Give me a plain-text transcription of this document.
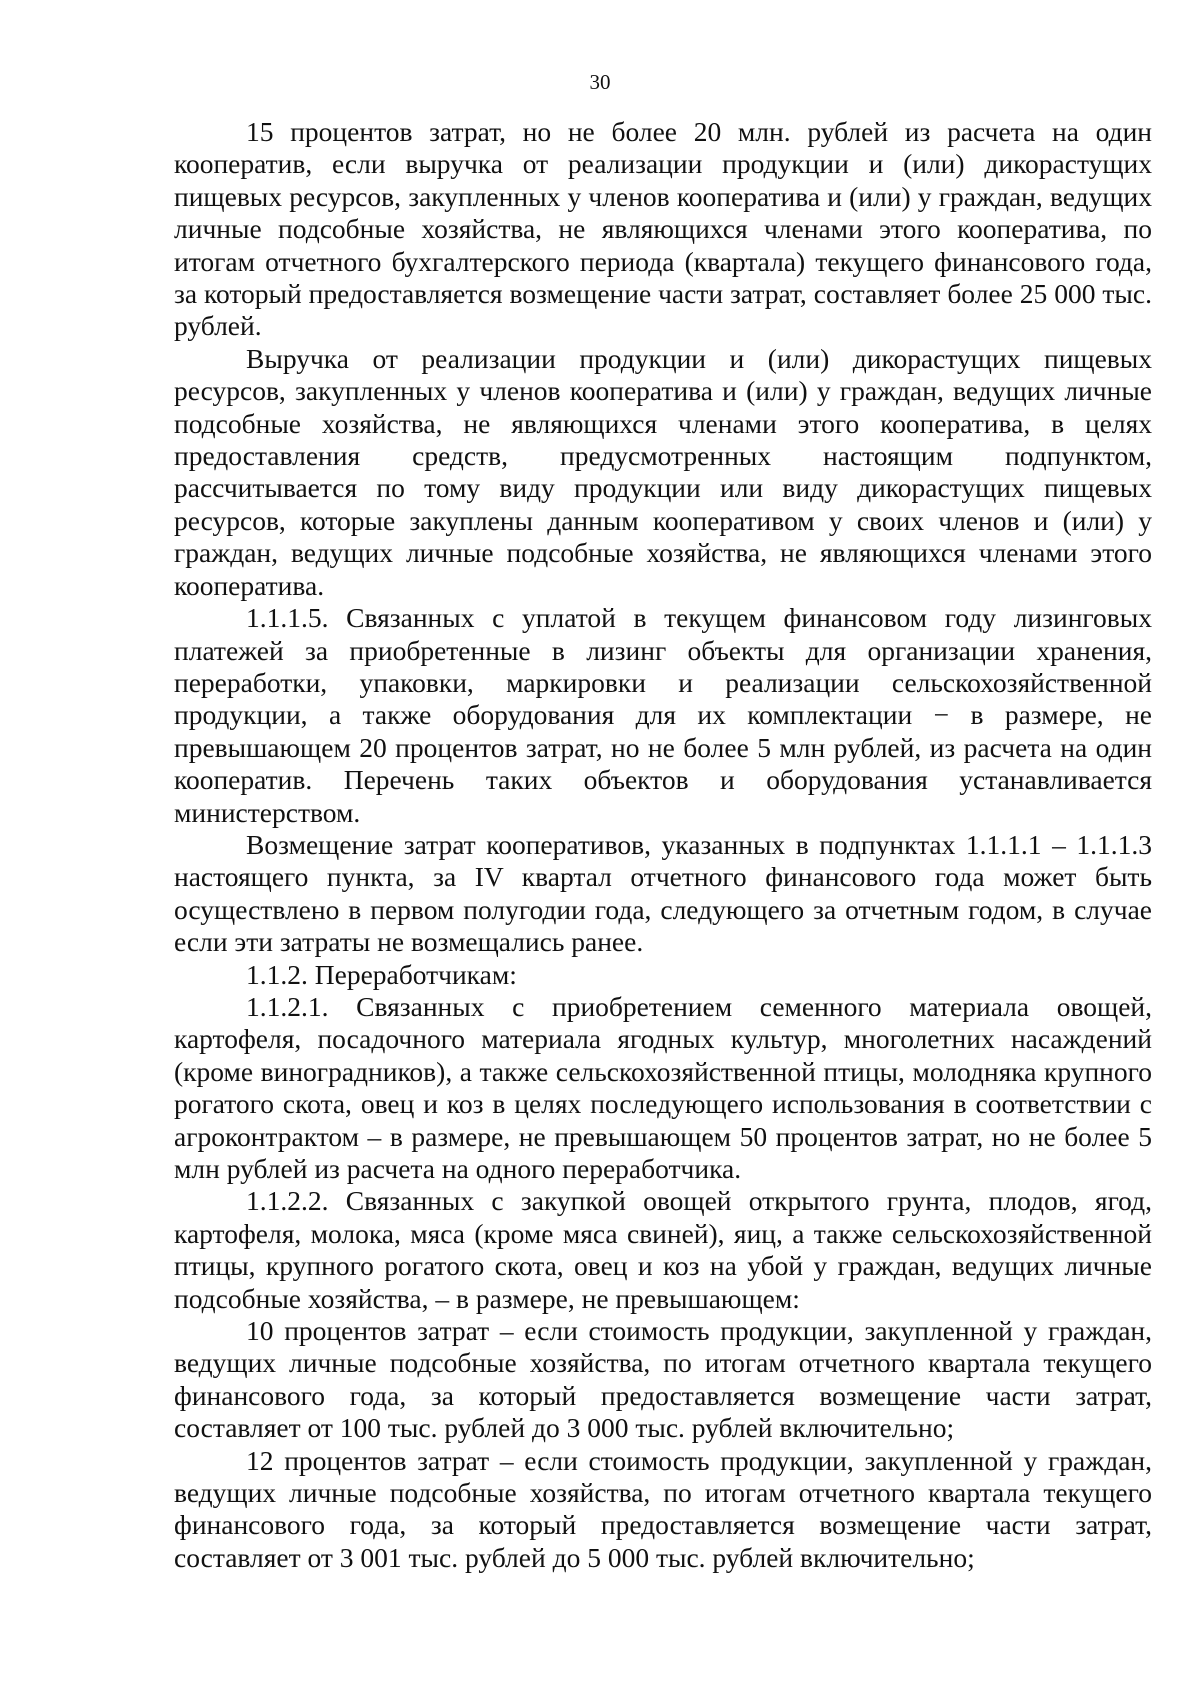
30

15 процентов затрат, но не более 20 млн. рублей из расчета на один кооператив, если выручка от реализации продукции и (или) дикорастущих пищевых ресурсов, закупленных у членов кооператива и (или) у граждан, ведущих личные подсобные хозяйства, не являющихся членами этого кооператива, по итогам отчетного бухгалтерского периода (квартала) текущего финансового года, за который предоставляется возмещение части затрат, составляет более 25 000 тыс. рублей.

Выручка от реализации продукции и (или) дикорастущих пищевых ресурсов, закупленных у членов кооператива и (или) у граждан, ведущих личные подсобные хозяйства, не являющихся членами этого кооператива, в целях предоставления средств, предусмотренных настоящим подпунктом, рассчитывается по тому виду продукции или виду дикорастущих пищевых ресурсов, которые закуплены данным кооперативом у своих членов и (или) у граждан, ведущих личные подсобные хозяйства, не являющихся членами этого кооператива.

1.1.1.5. Связанных с уплатой в текущем финансовом году лизинговых платежей за приобретенные в лизинг объекты для организации хранения, переработки, упаковки, маркировки и реализации сельскохозяйственной продукции, а также оборудования для их комплектации − в размере, не превышающем 20 процентов затрат, но не более 5 млн рублей, из расчета на один кооператив. Перечень таких объектов и оборудования устанавливается министерством.

Возмещение затрат кооперативов, указанных в подпунктах 1.1.1.1 – 1.1.1.3 настоящего пункта, за IV квартал отчетного финансового года может быть осуществлено в первом полугодии года, следующего за отчетным годом, в случае если эти затраты не возмещались ранее.

1.1.2. Переработчикам:

1.1.2.1. Связанных с приобретением семенного материала овощей, картофеля, посадочного материала ягодных культур, многолетних насаждений (кроме виноградников), а также сельскохозяйственной птицы, молодняка крупного рогатого скота, овец и коз в целях последующего использования в соответствии с агроконтрактом – в размере, не превышающем 50 процентов затрат, но не более 5 млн рублей из расчета на одного переработчика.

1.1.2.2. Связанных с закупкой овощей открытого грунта, плодов, ягод, картофеля, молока, мяса (кроме мяса свиней), яиц, а также сельскохозяйственной птицы, крупного рогатого скота, овец и коз на убой у граждан, ведущих личные подсобные хозяйства, – в размере, не превышающем:

10 процентов затрат – если стоимость продукции, закупленной у граждан, ведущих личные подсобные хозяйства, по итогам отчетного квартала текущего финансового года, за который предоставляется возмещение части затрат, составляет от 100 тыс. рублей до 3 000 тыс. рублей включительно;

12 процентов затрат – если стоимость продукции, закупленной у граждан, ведущих личные подсобные хозяйства, по итогам отчетного квартала текущего финансового года, за который предоставляется возмещение части затрат, составляет от 3 001 тыс. рублей до 5 000 тыс. рублей включительно;
